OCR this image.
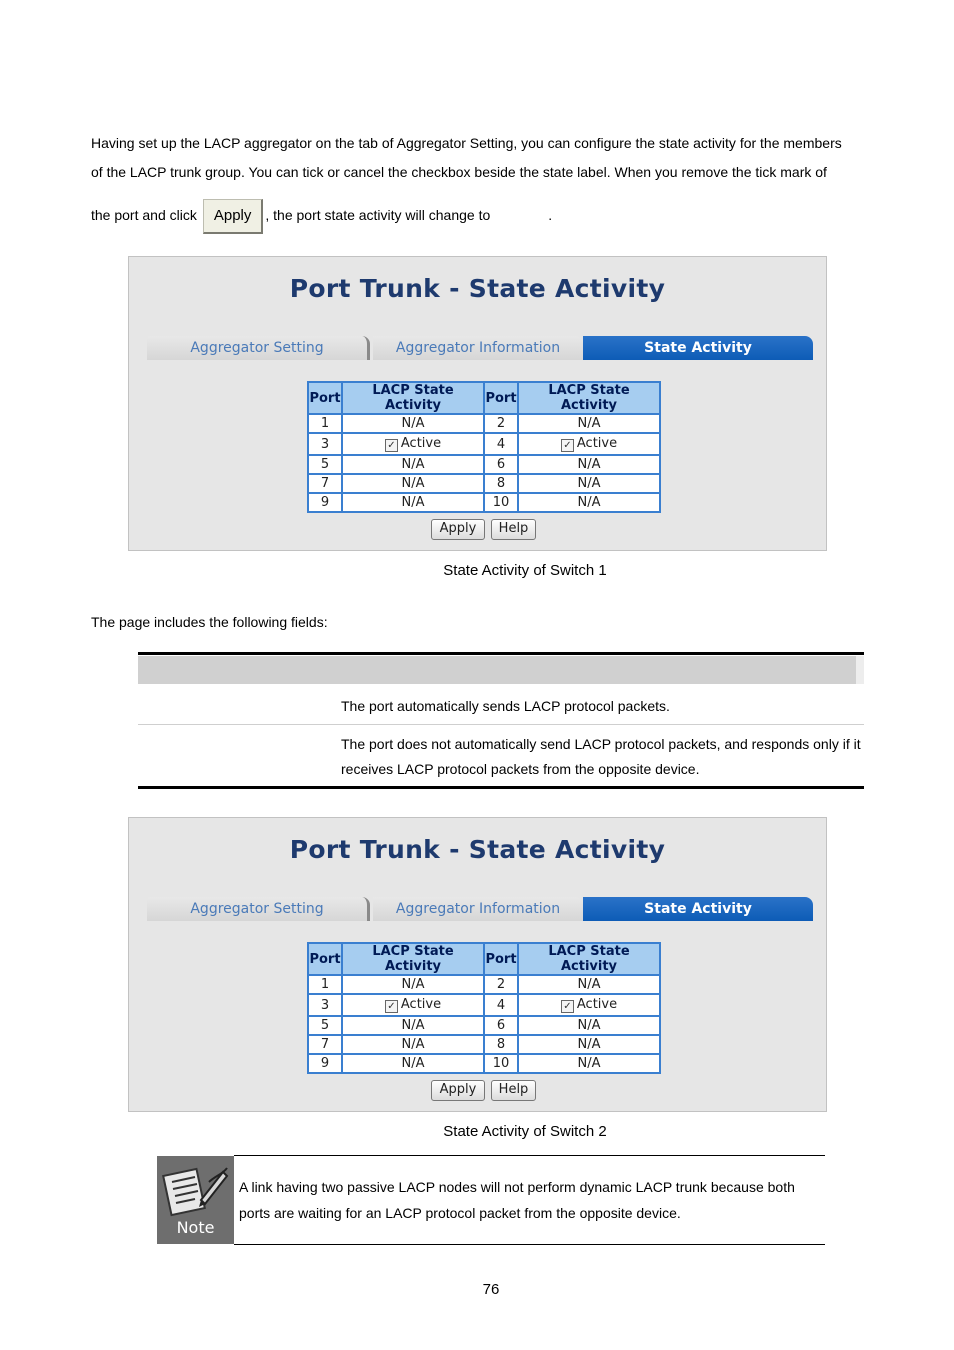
Having set up the LACP aggregator on the tab of Aggregator Setting, you can configure the state activity for the members
of the LACP trunk group. You can tick or cancel the checkbox beside the state label. When you remove the tick mark of
the port and click Apply , the port state activity will change to	.
Port Trunk - State Activity
Aggregator Setting	Aggregator Information	State Activity
Port	LACP State Activity	Port	LACP State Activity
1	N/A	2	N/A
3	✓ Active	4	✓ Active
5	N/A	6	N/A
7	N/A	8	N/A
9	N/A	10	N/A
Apply	Help
State Activity of Switch 1
The page includes the following fields:
The port automatically sends LACP protocol packets.
The port does not automatically send LACP protocol packets, and responds only if it receives LACP protocol packets from the opposite device.
Port Trunk - State Activity
Aggregator Setting	Aggregator Information	State Activity
Port	LACP State Activity	Port	LACP State Activity
1	N/A	2	N/A
3	✓ Active	4	✓ Active
5	N/A	6	N/A
7	N/A	8	N/A
9	N/A	10	N/A
Apply	Help
State Activity of Switch 2
Note
A link having two passive LACP nodes will not perform dynamic LACP trunk because both ports are waiting for an LACP protocol packet from the opposite device.
76
